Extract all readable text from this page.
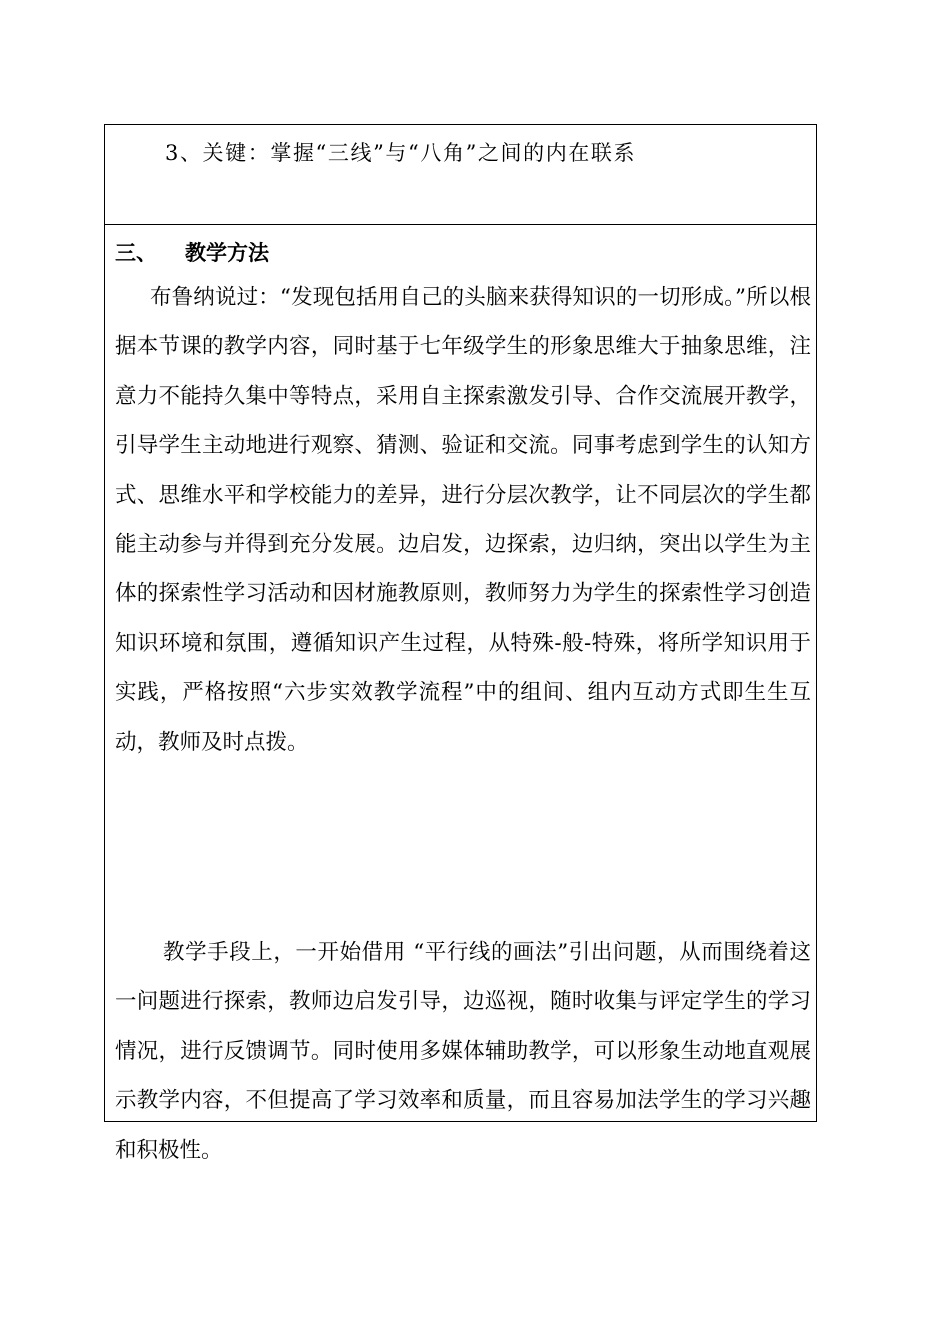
3、关键：掌握“三线”与“八角”之间的内在联系
三、 教学方法

布鲁纳说过：“发现包括用自己的头脑来获得知识的一切形成。”所以根据本节课的教学内容，同时基于七年级学生的形象思维大于抽象思维，注意力不能持久集中等特点，采用自主探索激发引导、合作交流展开教学，引导学生主动地进行观察、猜测、验证和交流。同事考虑到学生的认知方式、思维水平和学校能力的差异，进行分层次教学，让不同层次的学生都能主动参与并得到充分发展。边启发，边探索，边归纳，突出以学生为主体的探索性学习活动和因材施教原则，教师努力为学生的探索性学习创造知识环境和氛围，遵循知识产生过程，从特殊-般-特殊，将所学知识用于实践，严格按照“六步实效教学流程”中的组间、组内互动方式即生生互动，教师及时点拨。

教学手段上，一开始借用 “平行线的画法”引出问题，从而围绕着这一问题进行探索，教师边启发引导，边巡视，随时收集与评定学生的学习情况，进行反馈调节。同时使用多媒体辅助教学，可以形象生动地直观展示教学内容，不但提高了学习效率和质量，而且容易加法学生的学习兴趣和积极性。
